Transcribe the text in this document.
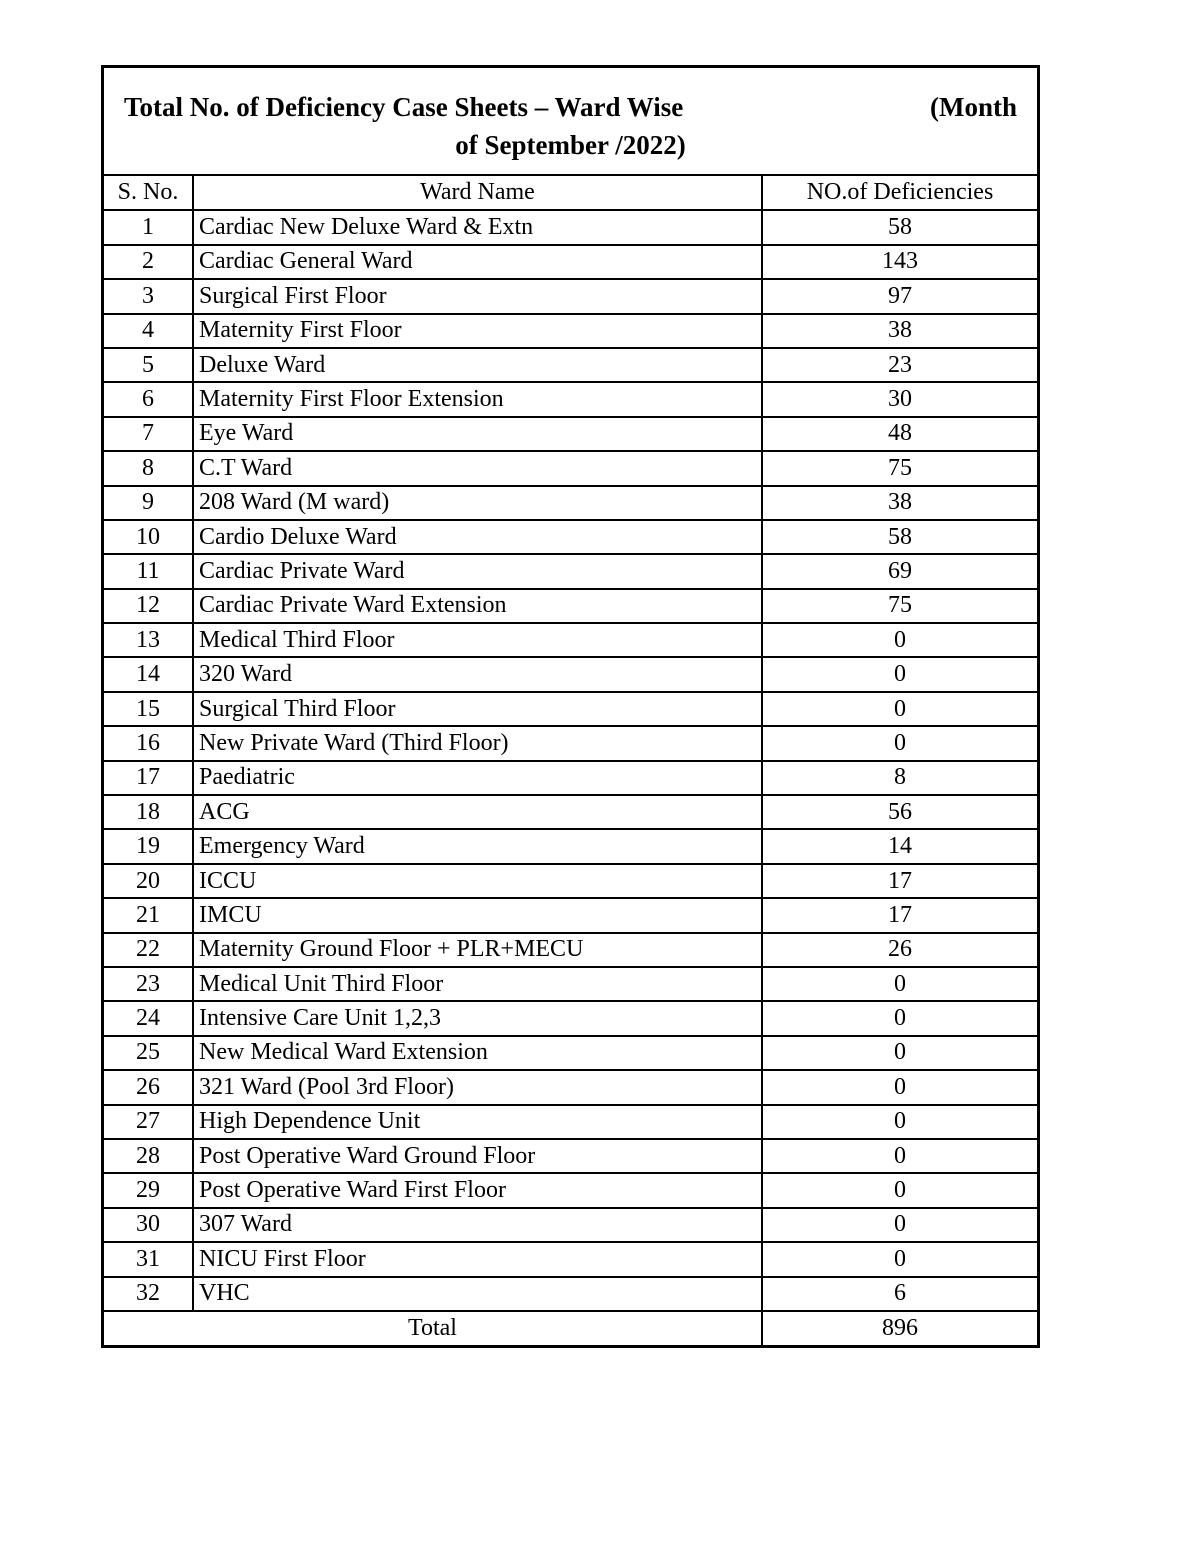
Total No. of Deficiency Case Sheets – Ward Wise	(Month
of September /2022)
S. No.	Ward Name	NO.of Deficiencies
1	Cardiac New Deluxe Ward & Extn	58
2	Cardiac General Ward	143
3	Surgical First Floor	97
4	Maternity First Floor	38
5	Deluxe Ward	23
6	Maternity First Floor Extension	30
7	Eye Ward	48
8	C.T Ward	75
9	208 Ward (M ward)	38
10	Cardio Deluxe Ward	58
11	Cardiac Private Ward	69
12	Cardiac Private Ward Extension	75
13	Medical Third Floor	0
14	320 Ward	0
15	Surgical Third Floor	0
16	New Private Ward (Third Floor)	0
17	Paediatric	8
18	ACG	56
19	Emergency Ward	14
20	ICCU	17
21	IMCU	17
22	Maternity Ground Floor + PLR+MECU	26
23	Medical Unit Third Floor	0
24	Intensive Care Unit 1,2,3	0
25	New Medical Ward Extension	0
26	321 Ward (Pool 3rd Floor)	0
27	High Dependence Unit	0
28	Post Operative Ward Ground Floor	0
29	Post Operative Ward First Floor	0
30	307 Ward	0
31	NICU First Floor	0
32	VHC	6
Total		896
